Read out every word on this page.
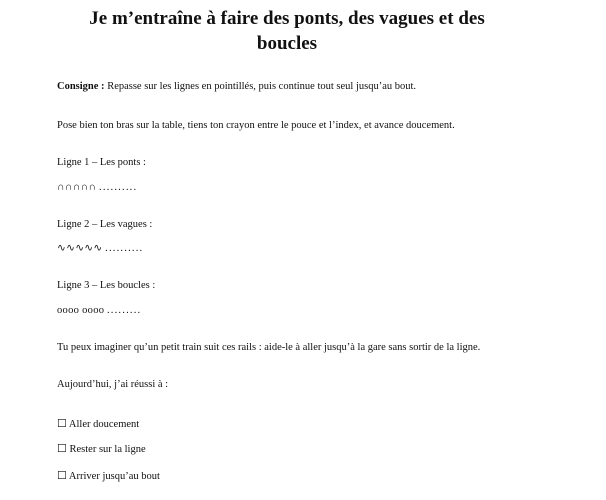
Je m’entraîne à faire des ponts, des vagues et des boucles

Consigne : Repasse sur les lignes en pointillés, puis continue tout seul jusqu’au bout.

Pose bien ton bras sur la table, tiens ton crayon entre le pouce et l’index, et avance doucement.

Ligne 1 – Les ponts :

∩∩∩∩∩ ..........

Ligne 2 – Les vagues :

∿∿∿∿∿ ..........

Ligne 3 – Les boucles :

oooo oooo .........

Tu peux imaginer qu’un petit train suit ces rails : aide-le à aller jusqu’à la gare sans sortir de la ligne.

Aujourd’hui, j’ai réussi à :

☐ Aller doucement

☐ Rester sur la ligne

☐ Arriver jusqu’au bout
